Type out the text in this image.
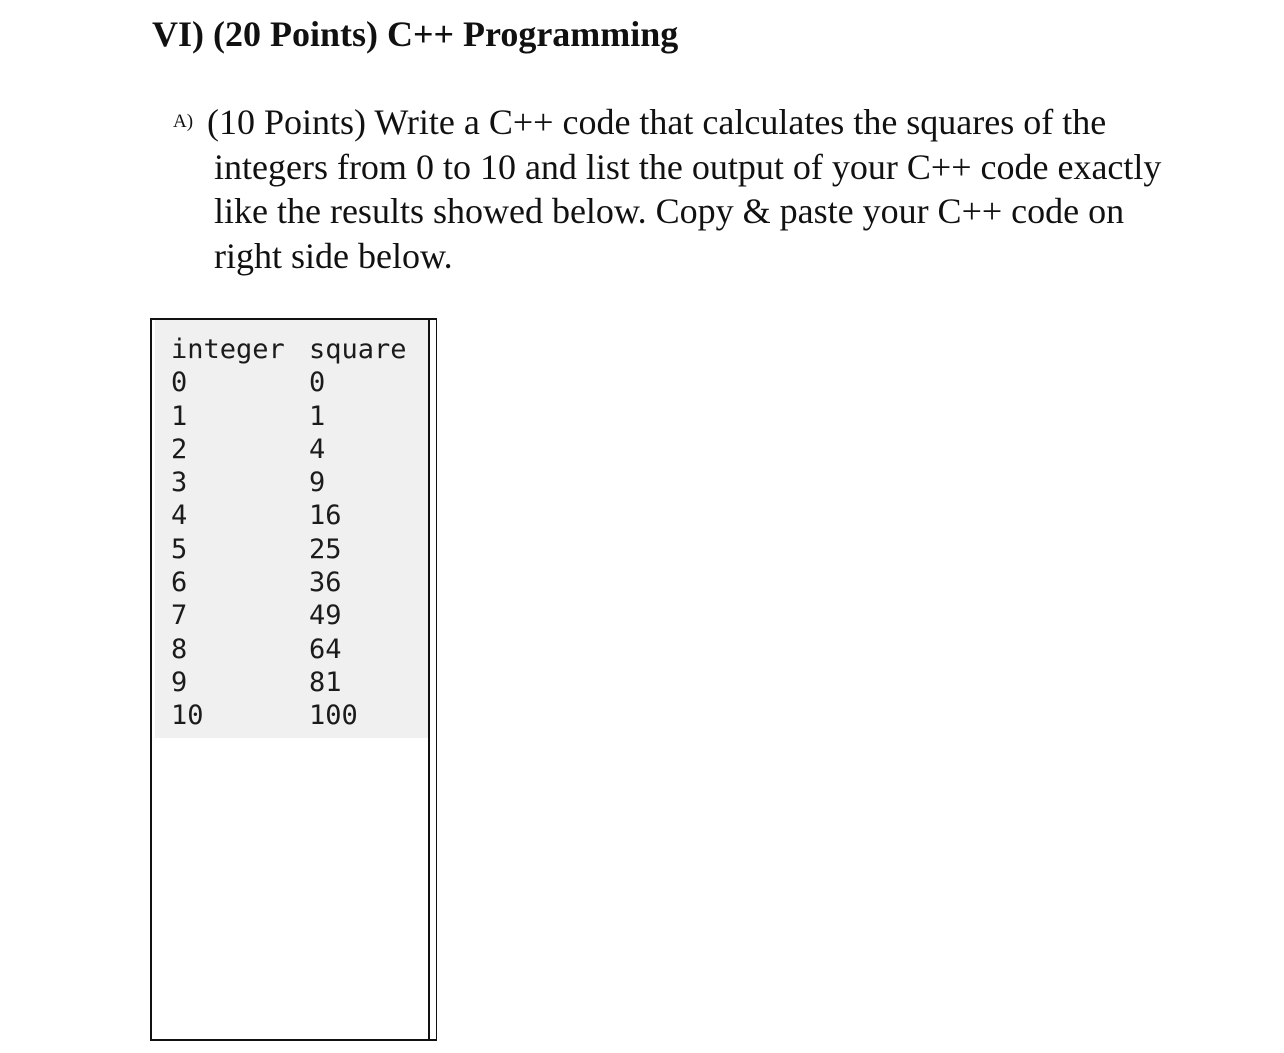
VI) (20 Points) C++ Programming
A) (10 Points) Write a C++ code that calculates the squares of the integers from 0 to 10 and list the output of your C++ code exactly like the results showed below. Copy & paste your C++ code on right side below.

integer square
0	0
1	1
2	4
3	9
4	16
5	25
6	36
7	49
8	64
9	81
10	100
